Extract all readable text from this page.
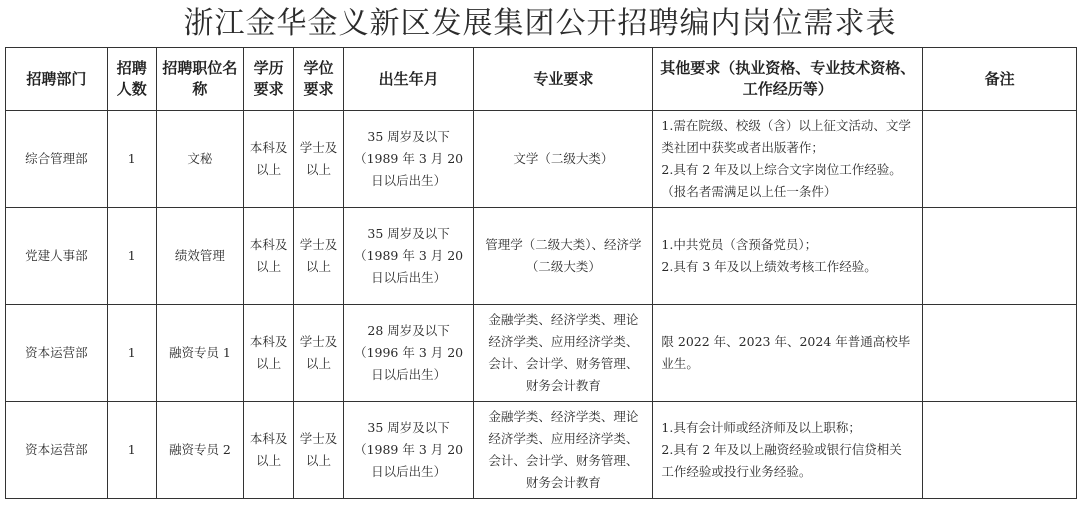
浙江金华金义新区发展集团公开招聘编内岗位需求表
招聘部门	招聘人数	招聘职位名称	学历要求	学位要求	出生年月	专业要求	其他要求（执业资格、专业技术资格、工作经历等）	备注
综合管理部	1	文秘	本科及以上	学士及以上	35 周岁及以下（1989 年 3 月 20 日以后出生）	文学（二级大类）	1.需在院级、校级（含）以上征文活动、文学类社团中获奖或者出版著作；
2.具有 2 年及以上综合文字岗位工作经验。
（报名者需满足以上任一条件）	

党建人事部	1	绩效管理	本科及以上	学士及以上	35 周岁及以下（1989 年 3 月 20 日以后出生）	管理学（二级大类）、经济学（二级大类）	1.中共党员（含预备党员）；
2.具有 3 年及以上绩效考核工作经验。	

资本运营部	1	融资专员 1	本科及以上	学士及以上	28 周岁及以下（1996 年 3 月 20 日以后出生）	金融学类、经济学类、理论经济学类、应用经济学类、会计、会计学、财务管理、财务会计教育	限 2022 年、2023 年、2024 年普通高校毕业生。	

资本运营部	1	融资专员 2	本科及以上	学士及以上	35 周岁及以下（1989 年 3 月 20 日以后出生）	金融学类、经济学类、理论经济学类、应用经济学类、会计、会计学、财务管理、财务会计教育	1.具有会计师或经济师及以上职称；
2.具有 2 年及以上融资经验或银行信贷相关工作经验或投行业务经验。	
